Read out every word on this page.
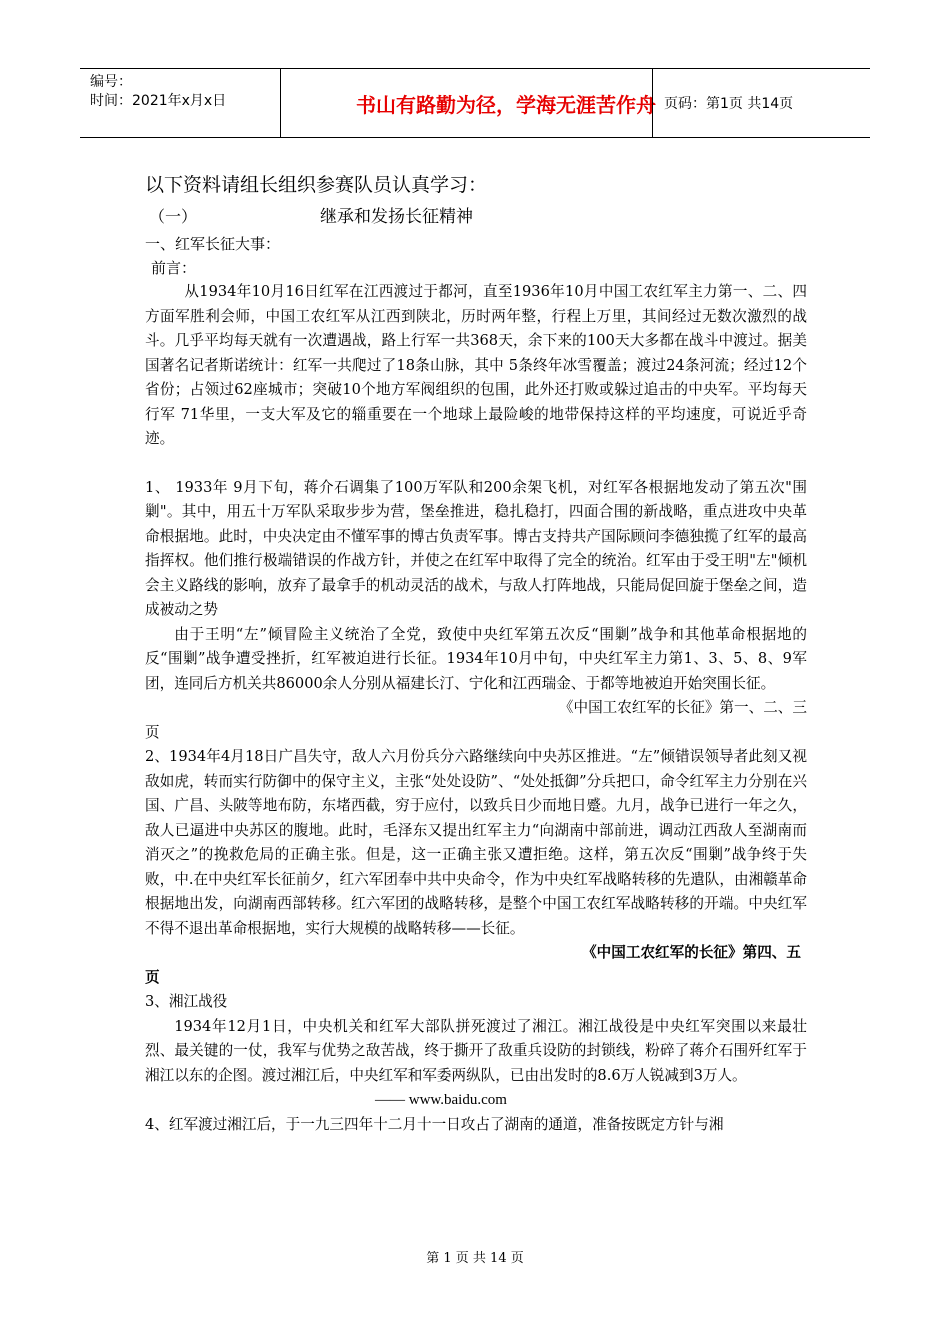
编号：
时间：2021年x月x日	书山有路勤为径，学海无涯苦作舟 页码：第1页 共14页
以下资料请组长组织参赛队员认真学习：
（一）	继承和发扬长征精神
一、红军长征大事：
前言：

从1934年10月16日红军在江西渡过于都河，直至1936年10月中国工农红军主力第一、二、四方面军胜利会师，中国工农红军从江西到陕北，历时两年整，行程上万里，其间经过无数次激烈的战斗。几乎平均每天就有一次遭遇战，路上行军一共368天，余下来的100天大多都在战斗中渡过。据美国著名记者斯诺统计：红军一共爬过了18条山脉，其中 5条终年冰雪覆盖；渡过24条河流；经过12个省份；占领过62座城市；突破10个地方军阀组织的包围，此外还打败或躲过追击的中央军。平均每天行军 71华里，一支大军及它的辎重要在一个地球上最险峻的地带保持这样的平均速度，可说近乎奇迹。

1、 1933年 9月下旬，蒋介石调集了100万军队和200余架飞机，对红军各根据地发动了第五次"围剿"。其中，用五十万军队采取步步为营，堡垒推进，稳扎稳打，四面合围的新战略，重点进攻中央革命根据地。此时，中央决定由不懂军事的博古负责军事。博古支持共产国际顾问李德独揽了红军的最高指挥权。他们推行极端错误的作战方针，并使之在红军中取得了完全的统治。红军由于受王明"左"倾机会主义路线的影响，放弃了最拿手的机动灵活的战术，与敌人打阵地战，只能局促回旋于堡垒之间，造成被动之势

由于王明“左”倾冒险主义统治了全党，致使中央红军第五次反“围剿”战争和其他革命根据地的反“围剿”战争遭受挫折，红军被迫进行长征。1934年10月中旬，中央红军主力第1、3、5、8、9军团，连同后方机关共86000余人分别从福建长汀、宁化和江西瑞金、于都等地被迫开始突围长征。

《中国工农红军的长征》第一、二、三

页

2、1934年4月18日广昌失守，敌人六月份兵分六路继续向中央苏区推进。“左”倾错误领导者此刻又视敌如虎，转而实行防御中的保守主义，主张“处处设防”、“处处抵御”分兵把口，命令红军主力分别在兴国、广昌、头陂等地布防，东堵西截，穷于应付，以致兵日少而地日蹙。九月，战争已进行一年之久，敌人已逼进中央苏区的腹地。此时，毛泽东又提出红军主力“向湖南中部前进，调动江西敌人至湖南而消灭之”的挽救危局的正确主张。但是，这一正确主张又遭拒绝。这样，第五次反“围剿”战争终于失败，中.在中央红军长征前夕，红六军团奉中共中央命令，作为中央红军战略转移的先遣队，由湘赣革命根据地出发，向湖南西部转移。红六军团的战略转移，是整个中国工农红军战略转移的开端。中央红军不得不退出革命根据地，实行大规模的战略转移——长征。

《中国工农红军的长征》第四、五

页

3、湘江战役

1934年12月1日，中央机关和红军大部队拼死渡过了湘江。湘江战役是中央红军突围以来最壮烈、最关键的一仗，我军与优势之敌苦战，终于撕开了敌重兵设防的封锁线，粉碎了蒋介石围歼红军于湘江以东的企图。渡过湘江后，中央红军和军委两纵队，已由出发时的8.6万人锐减到3万人。

—— www.baidu.com

4、红军渡过湘江后，于一九三四年十二月十一日攻占了湖南的通道，准备按既定方针与湘

第 1 页 共 14 页
